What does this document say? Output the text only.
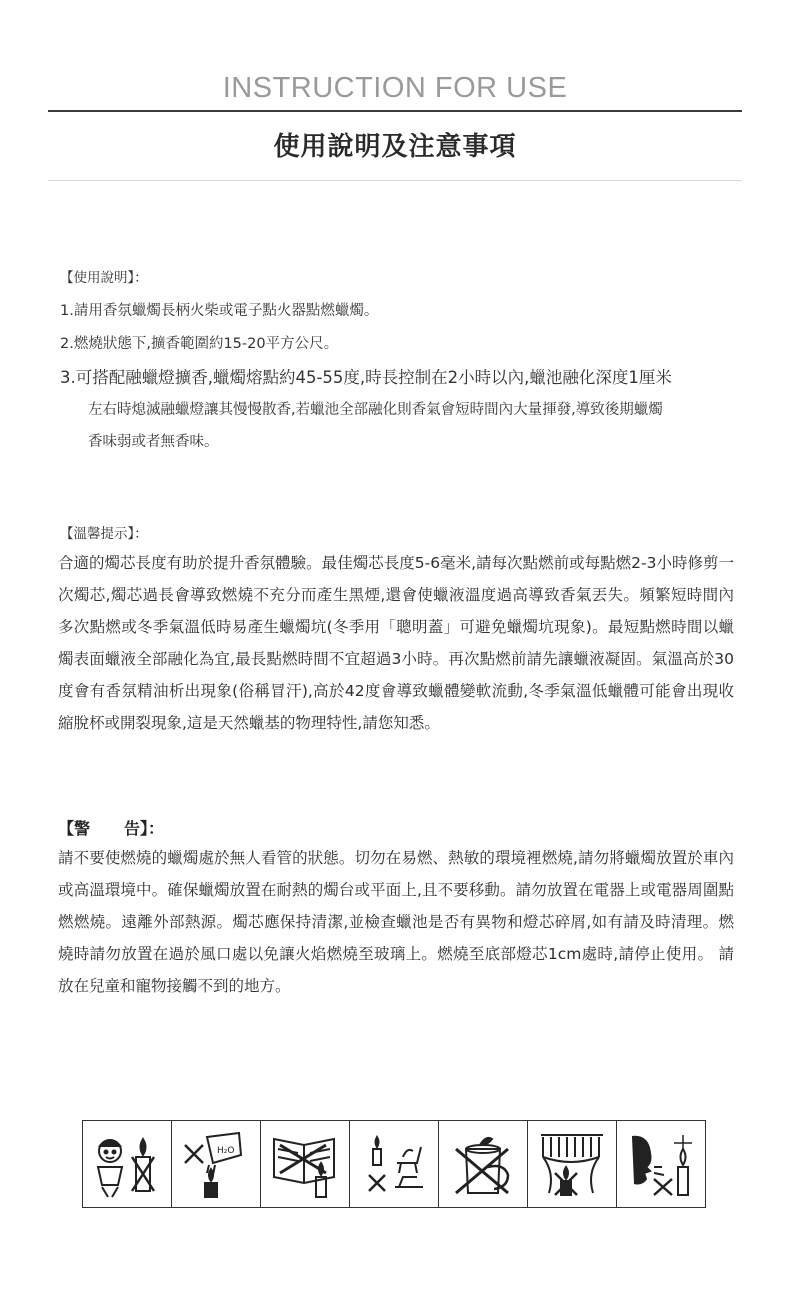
INSTRUCTION FOR USE
使用說明及注意事項
【使用說明】：
1.請用香氛蠟燭長柄火柴或電子點火器點燃蠟燭。
2.燃燒狀態下,擴香範圍約15-20平方公尺。
3.可搭配融蠟燈擴香,蠟燭熔點約45-55度,時長控制在2小時以內,蠟池融化深度1厘米
左右時熄滅融蠟燈讓其慢慢散香,若蠟池全部融化則香氣會短時間內大量揮發,導致後期蠟燭
香味弱或者無香味。
【溫馨提示】：
合適的燭芯長度有助於提升香氛體驗。最佳燭芯長度5-6毫米,請每次點燃前或每點燃2-3小時修剪一次燭芯,燭芯過長會導致燃燒不充分而產生黑煙,還會使蠟液溫度過高導致香氣丟失。頻繁短時間內多次點燃或冬季氣溫低時易產生蠟燭坑(冬季用「聰明蓋」可避免蠟燭坑現象)。最短點燃時間以蠟燭表面蠟液全部融化為宜,最長點燃時間不宜超過3小時。再次點燃前請先讓蠟液凝固。氣溫高於30度會有香氛精油析出現象(俗稱冒汗),高於42度會導致蠟體變軟流動,冬季氣溫低蠟體可能會出現收縮脫杯或開裂現象,這是天然蠟基的物理特性,請您知悉。
【警 告】：
請不要使燃燒的蠟燭處於無人看管的狀態。切勿在易燃、熱敏的環境裡燃燒,請勿將蠟燭放置於車內或高溫環境中。確保蠟燭放置在耐熱的燭台或平面上,且不要移動。請勿放置在電器上或電器周圍點燃燃燒。遠離外部熱源。燭芯應保持清潔,並檢查蠟池是否有異物和燈芯碎屑,如有請及時清理。燃燒時請勿放置在過於風口處以免讓火焰燃燒至玻璃上。燃燒至底部燈芯1cm處時,請停止使用。 請放在兒童和寵物接觸不到的地方。
H₂O
